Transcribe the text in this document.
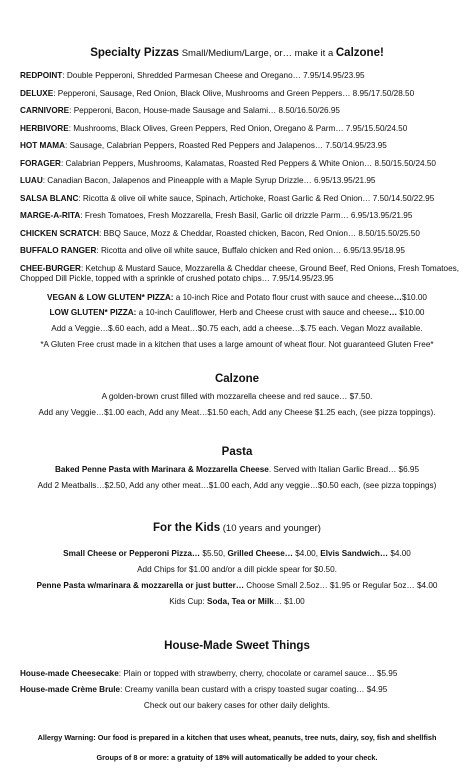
Specialty Pizzas Small/Medium/Large, or… make it a Calzone!
REDPOINT: Double Pepperoni, Shredded Parmesan Cheese and Oregano… 7.95/14.95/23.95
DELUXE: Pepperoni, Sausage, Red Onion, Black Olive, Mushrooms and Green Peppers… 8.95/17.50/28.50
CARNIVORE: Pepperoni, Bacon, House-made Sausage and Salami… 8.50/16.50/26.95
HERBIVORE: Mushrooms, Black Olives, Green Peppers, Red Onion, Oregano & Parm… 7.95/15.50/24.50
HOT MAMA: Sausage, Calabrian Peppers, Roasted Red Peppers and Jalapenos… 7.50/14.95/23.95
FORAGER: Calabrian Peppers, Mushrooms, Kalamatas, Roasted Red Peppers & White Onion… 8.50/15.50/24.50
LUAU: Canadian Bacon, Jalapenos and Pineapple with a Maple Syrup Drizzle… 6.95/13.95/21.95
SALSA BLANC: Ricotta & olive oil white sauce, Spinach, Artichoke, Roast Garlic & Red Onion… 7.50/14.50/22.95
MARGE-A-RITA: Fresh Tomatoes, Fresh Mozzarella, Fresh Basil, Garlic oil drizzle Parm… 6.95/13.95/21.95
CHICKEN SCRATCH: BBQ Sauce, Mozz & Cheddar, Roasted chicken, Bacon, Red Onion… 8.50/15.50/25.50
BUFFALO RANGER: Ricotta and olive oil white sauce, Buffalo chicken and Red onion… 6.95/13.95/18.95
CHEE-BURGER: Ketchup & Mustard Sauce, Mozzarella & Cheddar cheese, Ground Beef, Red Onions, Fresh Tomatoes, Chopped Dill Pickle, topped with a sprinkle of crushed potato chips… 7.95/14.95/23.95
VEGAN & LOW GLUTEN* PIZZA: a 10-inch Rice and Potato flour crust with sauce and cheese…$10.00
LOW GLUTEN* PIZZA: a 10-inch Cauliflower, Herb and Cheese crust with sauce and cheese… $10.00
Add a Veggie…$.60 each, add a Meat…$0.75 each, add a cheese…$.75 each. Vegan Mozz available.
*A Gluten Free crust made in a kitchen that uses a large amount of wheat flour. Not guaranteed Gluten Free*
Calzone
A golden-brown crust filled with mozzarella cheese and red sauce… $7.50.
Add any Veggie…$1.00 each, Add any Meat…$1.50 each, Add any Cheese $1.25 each, (see pizza toppings).
Pasta
Baked Penne Pasta with Marinara & Mozzarella Cheese. Served with Italian Garlic Bread… $6.95
Add 2 Meatballs…$2.50, Add any other meat…$1.00 each, Add any veggie…$0.50 each, (see pizza toppings)
For the Kids (10 years and younger)
Small Cheese or Pepperoni Pizza… $5.50, Grilled Cheese… $4.00, Elvis Sandwich… $4.00
Add Chips for $1.00 and/or a dill pickle spear for $0.50.
Penne Pasta w/marinara & mozzarella or just butter… Choose Small 2.5oz… $1.95 or Regular 5oz… $4.00
Kids Cup: Soda, Tea or Milk… $1.00
House-Made Sweet Things
House-made Cheesecake: Plain or topped with strawberry, cherry, chocolate or caramel sauce… $5.95
House-made Crème Brule: Creamy vanilla bean custard with a crispy toasted sugar coating… $4.95
Check out our bakery cases for other daily delights.
Allergy Warning: Our food is prepared in a kitchen that uses wheat, peanuts, tree nuts, dairy, soy, fish and shellfish
Groups of 8 or more: a gratuity of 18% will automatically be added to your check.
